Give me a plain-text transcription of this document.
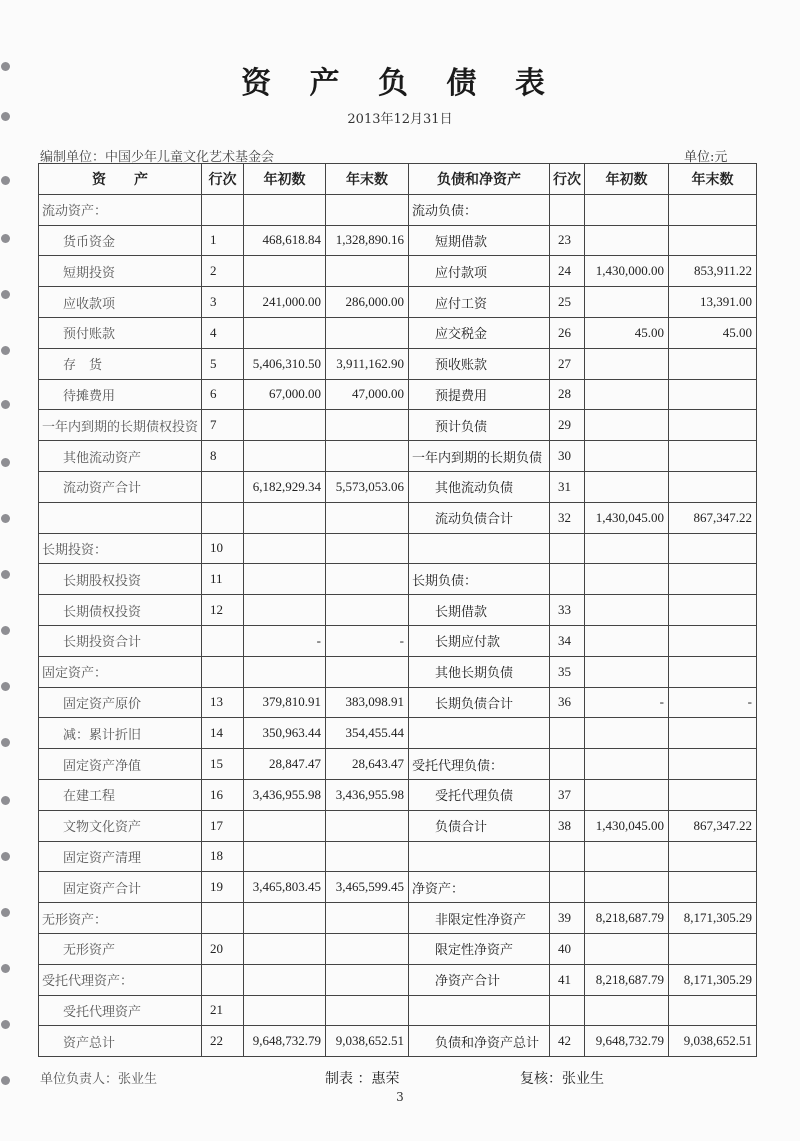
资 产 负 债 表
2013年12月31日
编制单位：中国少年儿童文化艺术基金会	单位:元
资　　产	行次	年初数	年末数	负债和净资产	行次	年初数	年末数
流动资产：				流动负债：			
货币资金	1	468,618.84	1,328,890.16	短期借款	23		
短期投资	2			应付款项	24	1,430,000.00	853,911.22
应收款项	3	241,000.00	286,000.00	应付工资	25		13,391.00
预付账款	4			应交税金	26	45.00	45.00
存　货	5	5,406,310.50	3,911,162.90	预收账款	27		
待摊费用	6	67,000.00	47,000.00	预提费用	28		
一年内到期的长期债权投资	7			预计负债	29		
其他流动资产	8			一年内到期的长期负债	30		
流动资产合计		6,182,929.34	5,573,053.06	其他流动负债	31		
				流动负债合计	32	1,430,045.00	867,347.22
长期投资：	10						
长期股权投资	11			长期负债：			
长期债权投资	12			长期借款	33		
长期投资合计		-	-	长期应付款	34		
固定资产：				其他长期负债	35		
固定资产原价	13	379,810.91	383,098.91	长期负债合计	36	-	-
减：累计折旧	14	350,963.44	354,455.44				
固定资产净值	15	28,847.47	28,643.47	受托代理负债：			
在建工程	16	3,436,955.98	3,436,955.98	受托代理负债	37		
文物文化资产	17			负债合计	38	1,430,045.00	867,347.22
固定资产清理	18						
固定资产合计	19	3,465,803.45	3,465,599.45	净资产：			
无形资产：				非限定性净资产	39	8,218,687.79	8,171,305.29
无形资产	20			限定性净资产	40		
受托代理资产：				净资产合计	41	8,218,687.79	8,171,305.29
受托代理资产	21						
资产总计	22	9,648,732.79	9,038,652.51	负债和净资产总计	42	9,648,732.79	9,038,652.51
单位负责人：张业生	制表 ：惠荣	复核：张业生
3
